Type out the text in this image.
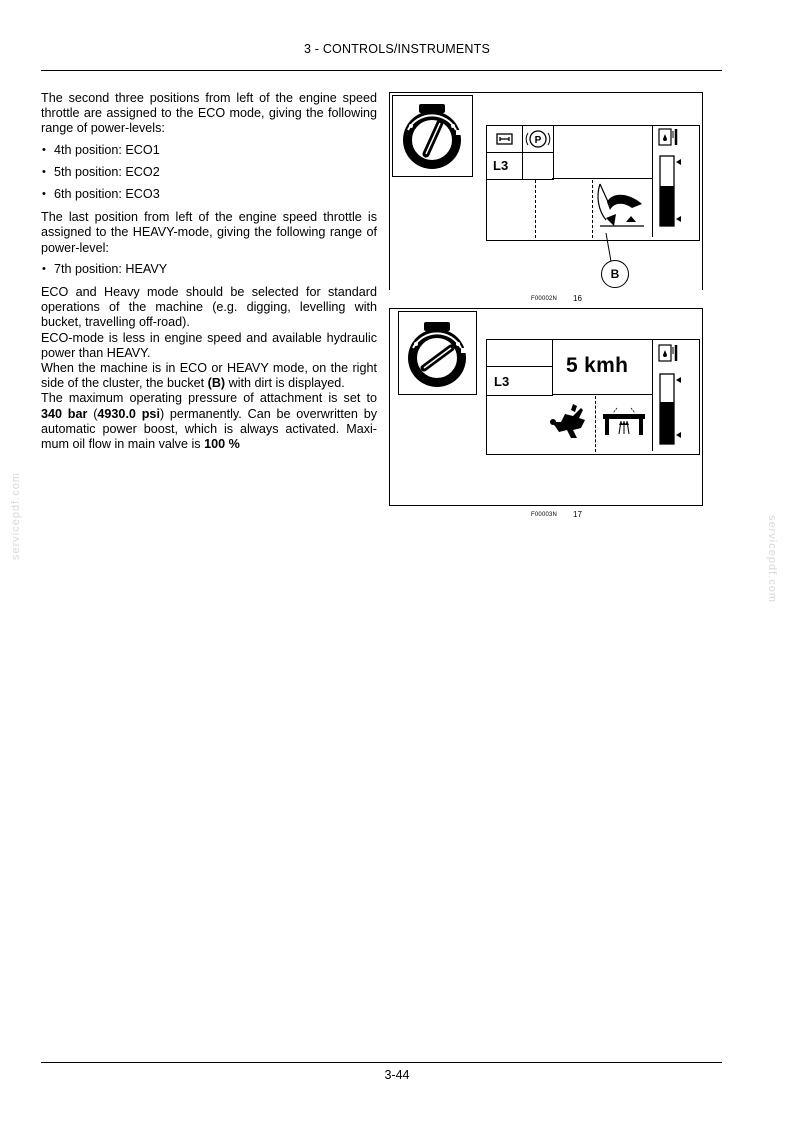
3 - CONTROLS/INSTRUMENTS

The second three positions from left of the engine speed throttle are assigned to the ECO mode, giving the following range of power-levels:

• 4th position: ECO1
• 5th position: ECO2
• 6th position: ECO3

The last position from left of the engine speed throttle is assigned to the HEAVY-mode, giving the following range of power-level:

• 7th position: HEAVY

ECO and Heavy mode should be selected for standard operations of the machine (e.g. digging, levelling with bucket, travelling off-road).

ECO-mode is less in engine speed and available hydraulic power than HEAVY.

When the machine is in ECO or HEAVY mode, on the right side of the cluster, the bucket (B) with dirt is displayed.

The maximum operating pressure of attachment is set to 340 bar (4930.0 psi) permanently. Can be overwritten by automatic power boost, which is always activated. Maxi-mum oil flow in main valve is 100 %

P
L3
B
F00002N 16
L3
5 kmh
F00003N 17
servicepdf.com	servicepdf.com
3-44
